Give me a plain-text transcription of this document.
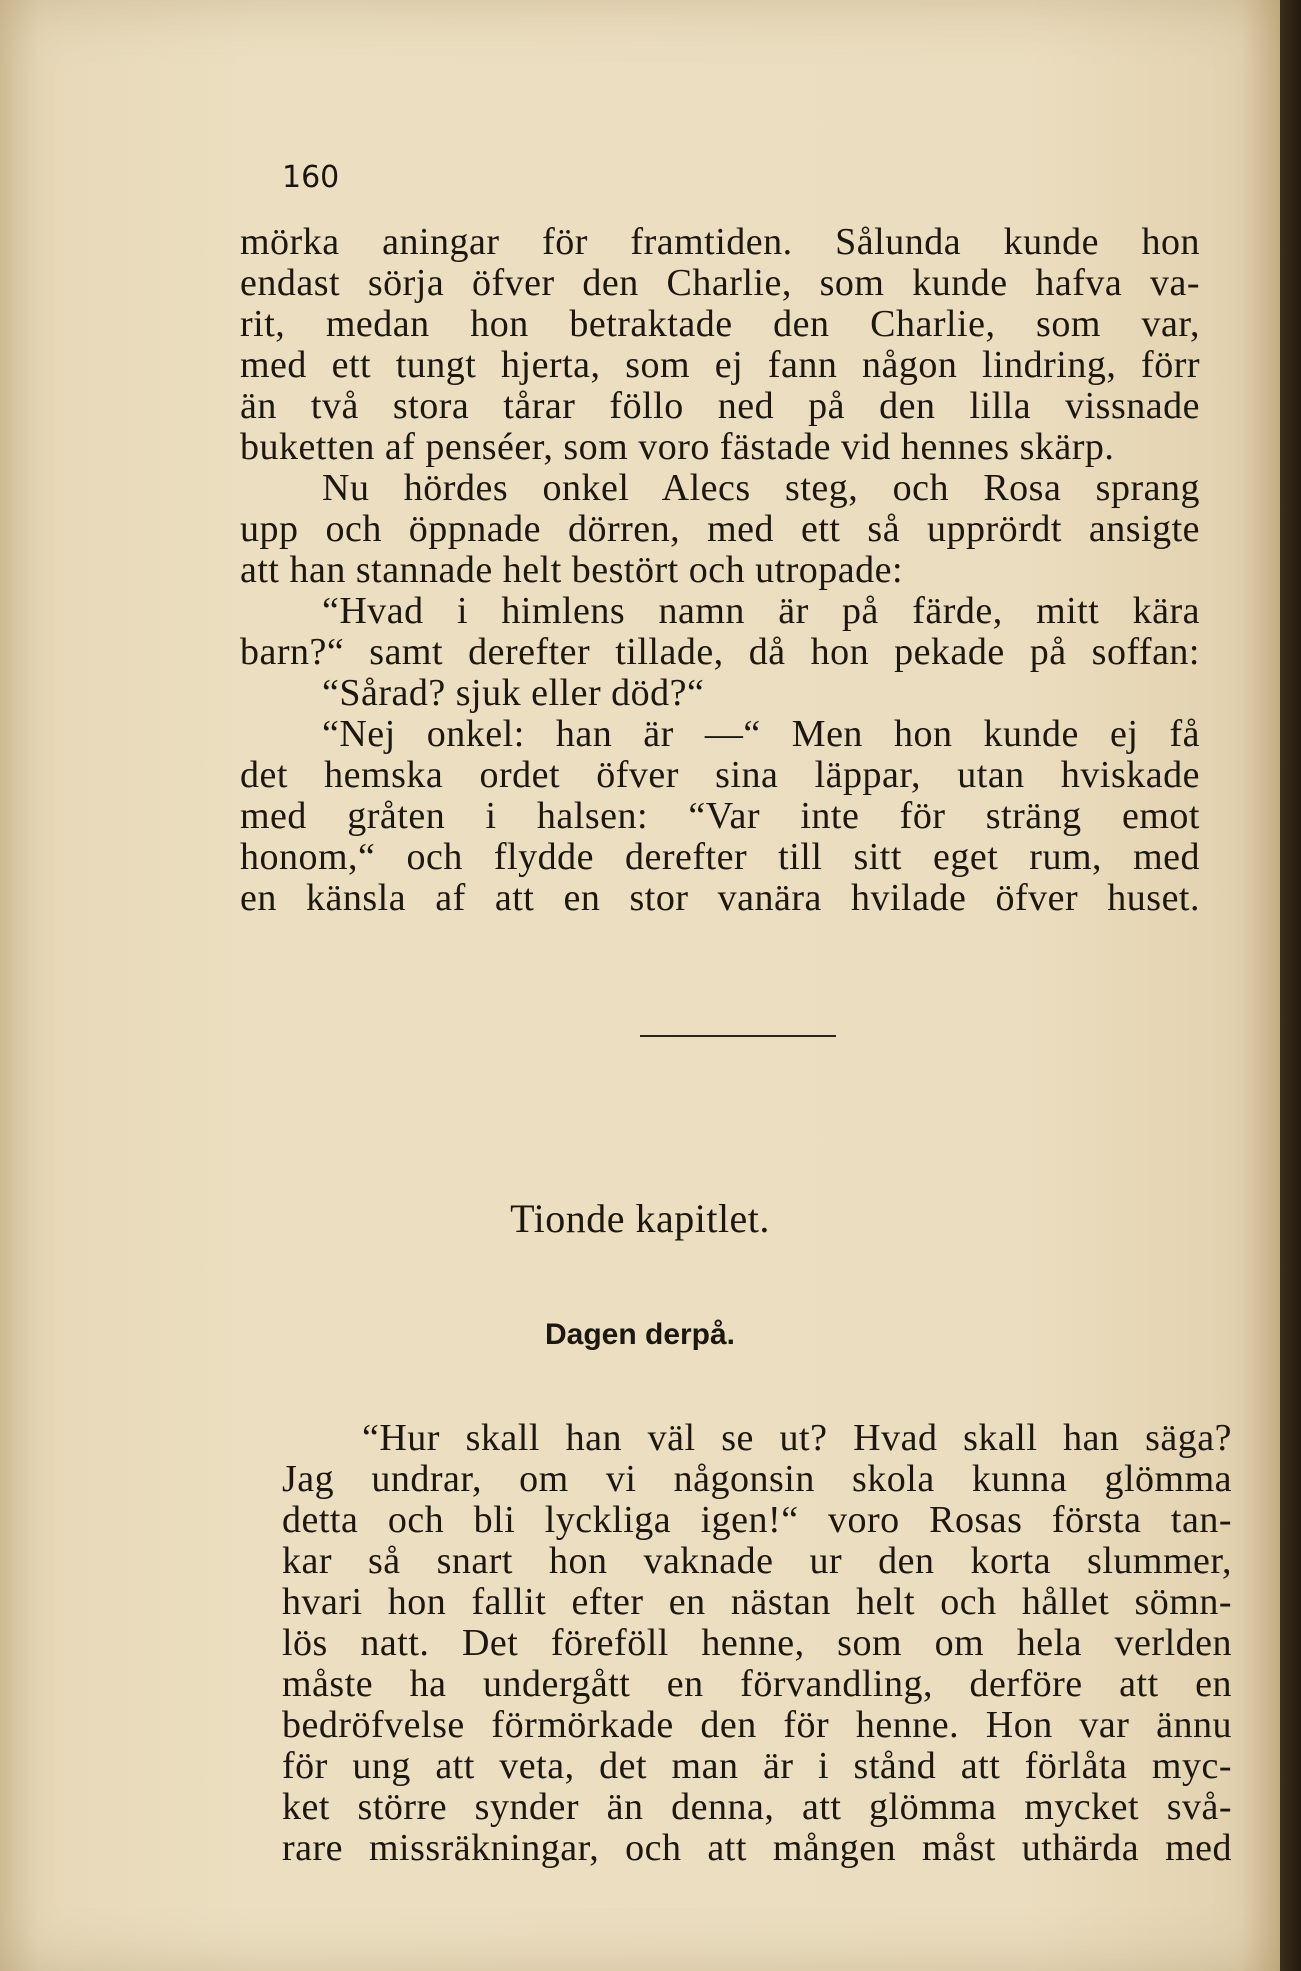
160
mörka aningar för framtiden. Sålunda kunde hon
endast sörja öfver den Charlie, som kunde hafva va-
rit, medan hon betraktade den Charlie, som var,
med ett tungt hjerta, som ej fann någon lindring, förr
än två stora tårar föllo ned på den lilla vissnade
buketten af penséer, som voro fästade vid hennes skärp.
Nu hördes onkel Alecs steg, och Rosa sprang
upp och öppnade dörren, med ett så upprördt ansigte
att han stannade helt bestört och utropade:
“Hvad i himlens namn är på färde, mitt kära
barn?“ samt derefter tillade, då hon pekade på soffan:
“Sårad? sjuk eller död?“
“Nej onkel: han är —“ Men hon kunde ej få
det hemska ordet öfver sina läppar, utan hviskade
med gråten i halsen: “Var inte för sträng emot
honom,“ och flydde derefter till sitt eget rum, med
en känsla af att en stor vanära hvilade öfver huset.
Tionde kapitlet.
Dagen derpå.
“Hur skall han väl se ut? Hvad skall han säga?
Jag undrar, om vi någonsin skola kunna glömma
detta och bli lyckliga igen!“ voro Rosas första tan-
kar så snart hon vaknade ur den korta slummer,
hvari hon fallit efter en nästan helt och hållet sömn-
lös natt. Det föreföll henne, som om hela verlden
måste ha undergått en förvandling, derföre att en
bedröfvelse förmörkade den för henne. Hon var ännu
för ung att veta, det man är i stånd att förlåta myc-
ket större synder än denna, att glömma mycket svå-
rare missräkningar, och att mången måst uthärda med
